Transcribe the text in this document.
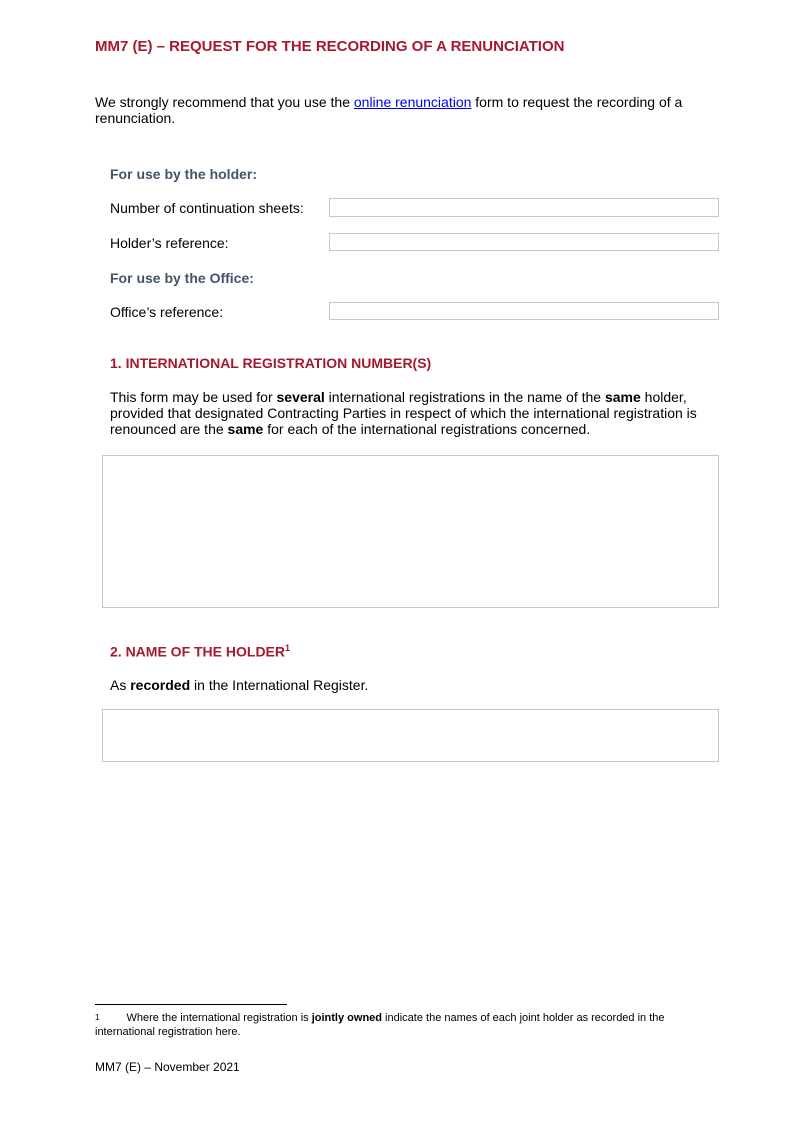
MM7 (E) – REQUEST FOR THE RECORDING OF A RENUNCIATION
We strongly recommend that you use the online renunciation form to request the recording of a renunciation.
For use by the holder:
Number of continuation sheets:
Holder’s reference:
For use by the Office:
Office’s reference:
1. INTERNATIONAL REGISTRATION NUMBER(S)
This form may be used for several international registrations in the name of the same holder, provided that designated Contracting Parties in respect of which the international registration is renounced are the same for each of the international registrations concerned.
2. NAME OF THE HOLDER$^1$
As recorded in the International Register.
$^1$ Where the international registration is jointly owned indicate the names of each joint holder as recorded in the international registration here.
MM7 (E) – November 2021
